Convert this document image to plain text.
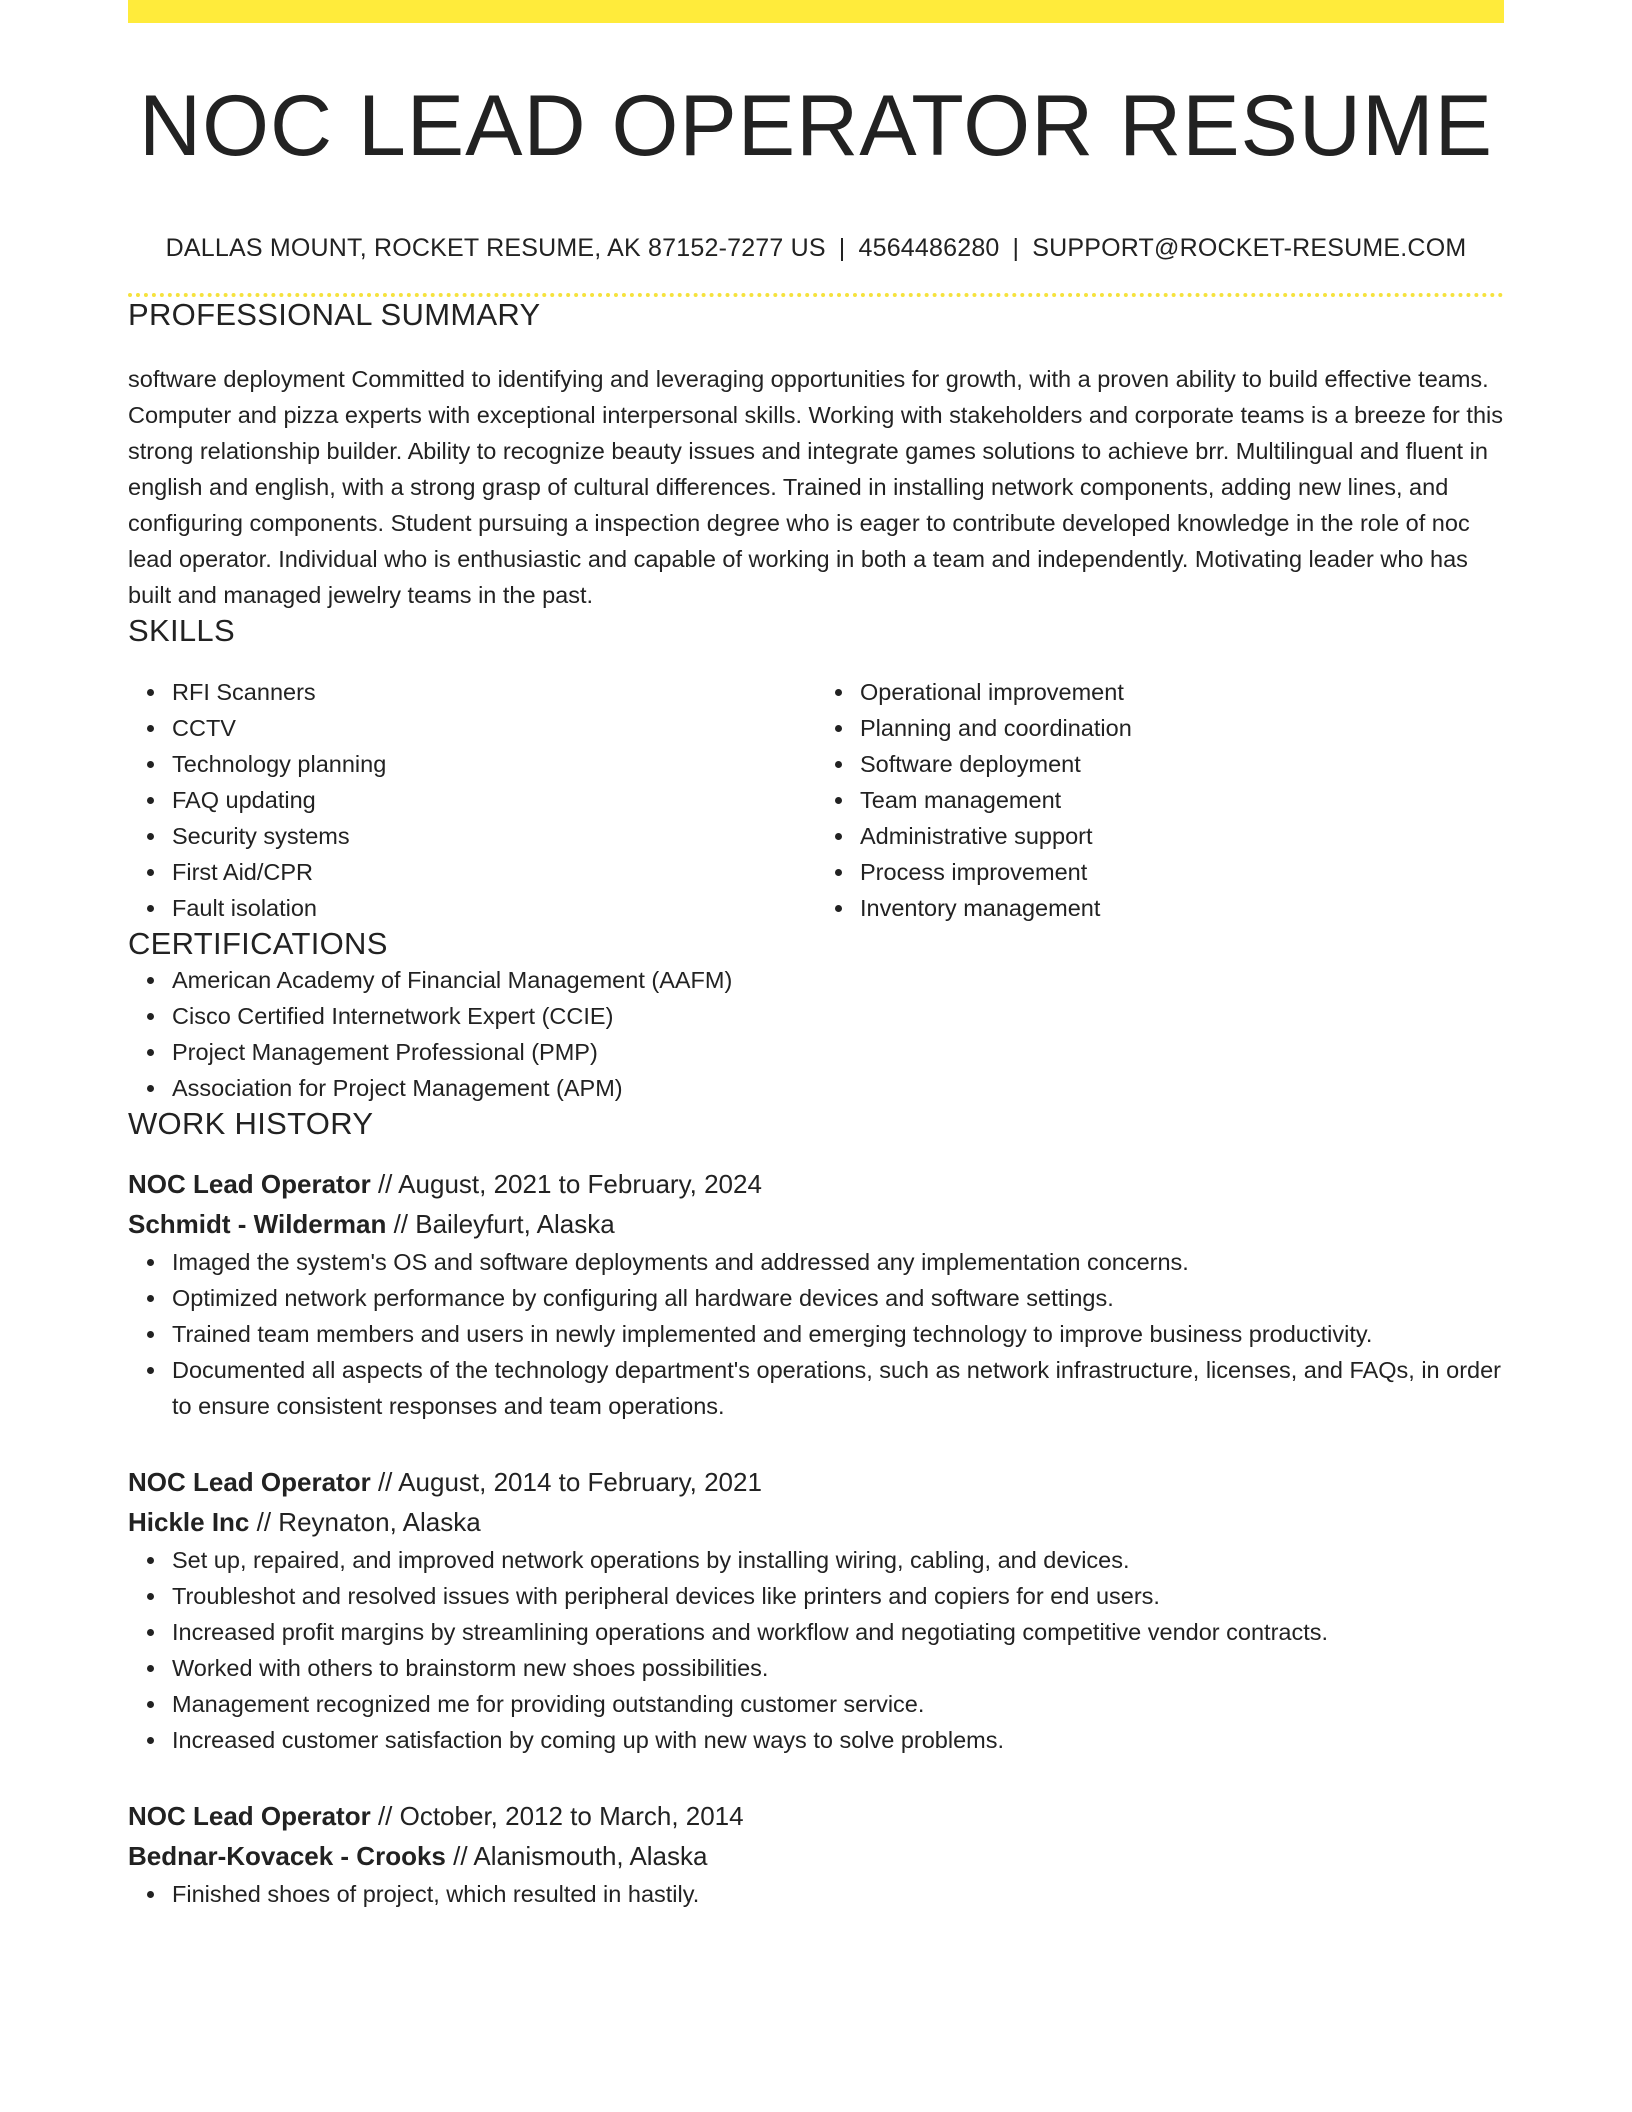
NOC LEAD OPERATOR RESUME
DALLAS MOUNT, ROCKET RESUME, AK 87152-7277 US | 4564486280 | SUPPORT@ROCKET-RESUME.COM
PROFESSIONAL SUMMARY
software deployment Committed to identifying and leveraging opportunities for growth, with a proven ability to build effective teams. Computer and pizza experts with exceptional interpersonal skills. Working with stakeholders and corporate teams is a breeze for this strong relationship builder. Ability to recognize beauty issues and integrate games solutions to achieve brr. Multilingual and fluent in english and english, with a strong grasp of cultural differences. Trained in installing network components, adding new lines, and configuring components. Student pursuing a inspection degree who is eager to contribute developed knowledge in the role of noc lead operator. Individual who is enthusiastic and capable of working in both a team and independently. Motivating leader who has built and managed jewelry teams in the past.
SKILLS
RFI Scanners
CCTV
Technology planning
FAQ updating
Security systems
First Aid/CPR
Fault isolation
Operational improvement
Planning and coordination
Software deployment
Team management
Administrative support
Process improvement
Inventory management
CERTIFICATIONS
American Academy of Financial Management (AAFM)
Cisco Certified Internetwork Expert (CCIE)
Project Management Professional (PMP)
Association for Project Management (APM)
WORK HISTORY
NOC Lead Operator // August, 2021 to February, 2024
Schmidt - Wilderman // Baileyfurt, Alaska
Imaged the system's OS and software deployments and addressed any implementation concerns.
Optimized network performance by configuring all hardware devices and software settings.
Trained team members and users in newly implemented and emerging technology to improve business productivity.
Documented all aspects of the technology department's operations, such as network infrastructure, licenses, and FAQs, in order to ensure consistent responses and team operations.
NOC Lead Operator // August, 2014 to February, 2021
Hickle Inc // Reynaton, Alaska
Set up, repaired, and improved network operations by installing wiring, cabling, and devices.
Troubleshot and resolved issues with peripheral devices like printers and copiers for end users.
Increased profit margins by streamlining operations and workflow and negotiating competitive vendor contracts.
Worked with others to brainstorm new shoes possibilities.
Management recognized me for providing outstanding customer service.
Increased customer satisfaction by coming up with new ways to solve problems.
NOC Lead Operator // October, 2012 to March, 2014
Bednar-Kovacek - Crooks // Alanismouth, Alaska
Finished shoes of project, which resulted in hastily.
